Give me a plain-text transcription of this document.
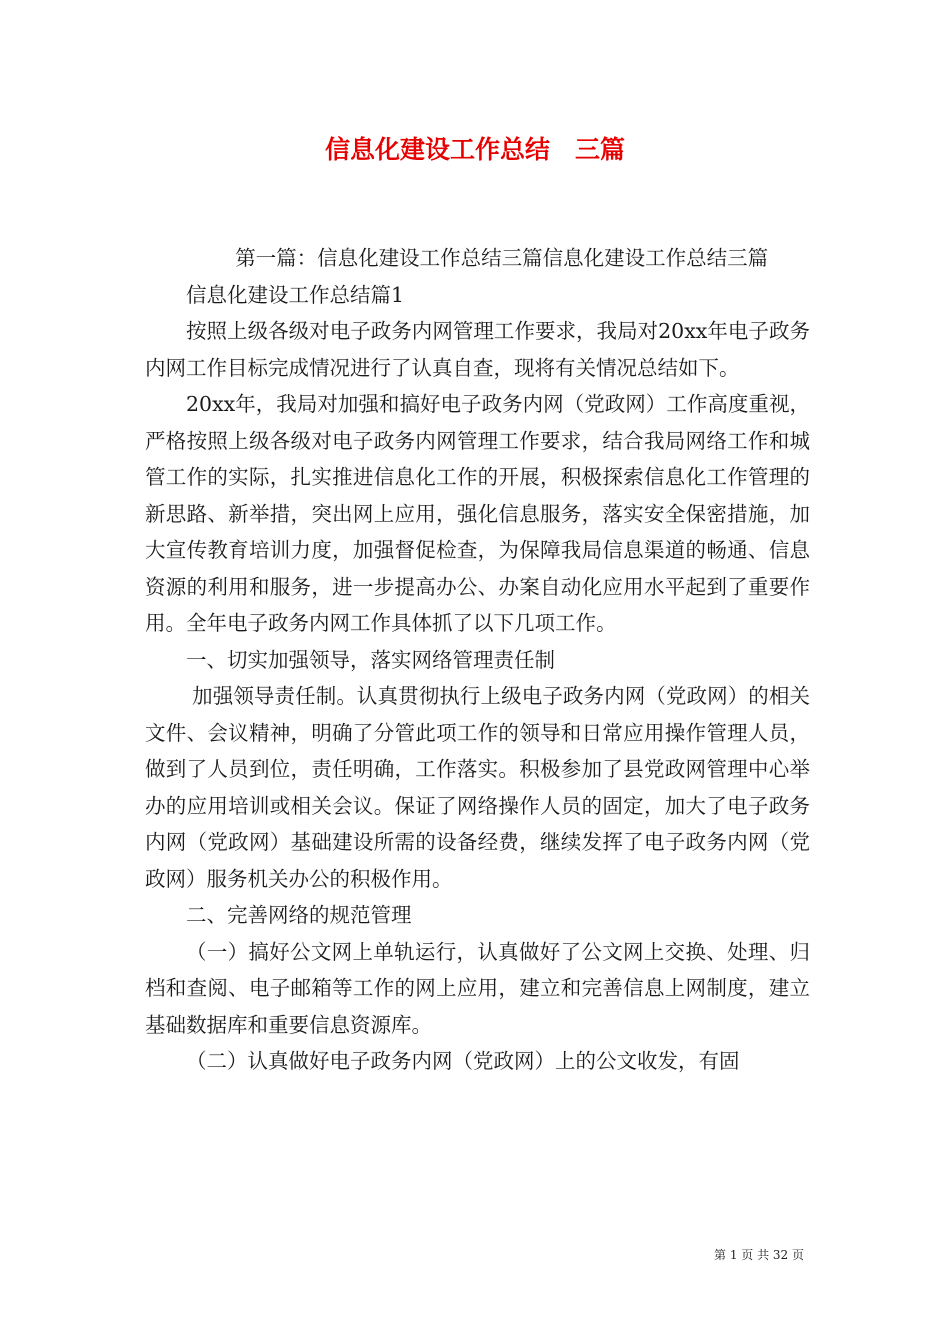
信息化建设工作总结　三篇

第一篇：信息化建设工作总结三篇信息化建设工作总结三篇

信息化建设工作总结篇1

按照上级各级对电子政务内网管理工作要求，我局对20xx年电子政务内网工作目标完成情况进行了认真自查，现将有关情况总结如下。

20xx年，我局对加强和搞好电子政务内网（党政网）工作高度重视，严格按照上级各级对电子政务内网管理工作要求，结合我局网络工作和城管工作的实际，扎实推进信息化工作的开展，积极探索信息化工作管理的新思路、新举措，突出网上应用，强化信息服务，落实安全保密措施，加大宣传教育培训力度，加强督促检查，为保障我局信息渠道的畅通、信息资源的利用和服务，进一步提高办公、办案自动化应用水平起到了重要作用。全年电子政务内网工作具体抓了以下几项工作。

一、切实加强领导，落实网络管理责任制

加强领导责任制。认真贯彻执行上级电子政务内网（党政网）的相关文件、会议精神，明确了分管此项工作的领导和日常应用操作管理人员，做到了人员到位，责任明确，工作落实。积极参加了县党政网管理中心举办的应用培训或相关会议。保证了网络操作人员的固定，加大了电子政务内网（党政网）基础建设所需的设备经费，继续发挥了电子政务内网（党政网）服务机关办公的积极作用。

二、完善网络的规范管理

（一）搞好公文网上单轨运行，认真做好了公文网上交换、处理、归档和查阅、电子邮箱等工作的网上应用，建立和完善信息上网制度，建立基础数据库和重要信息资源库。

（二）认真做好电子政务内网（党政网）上的公文收发，有固

第 1 页 共 32 页
